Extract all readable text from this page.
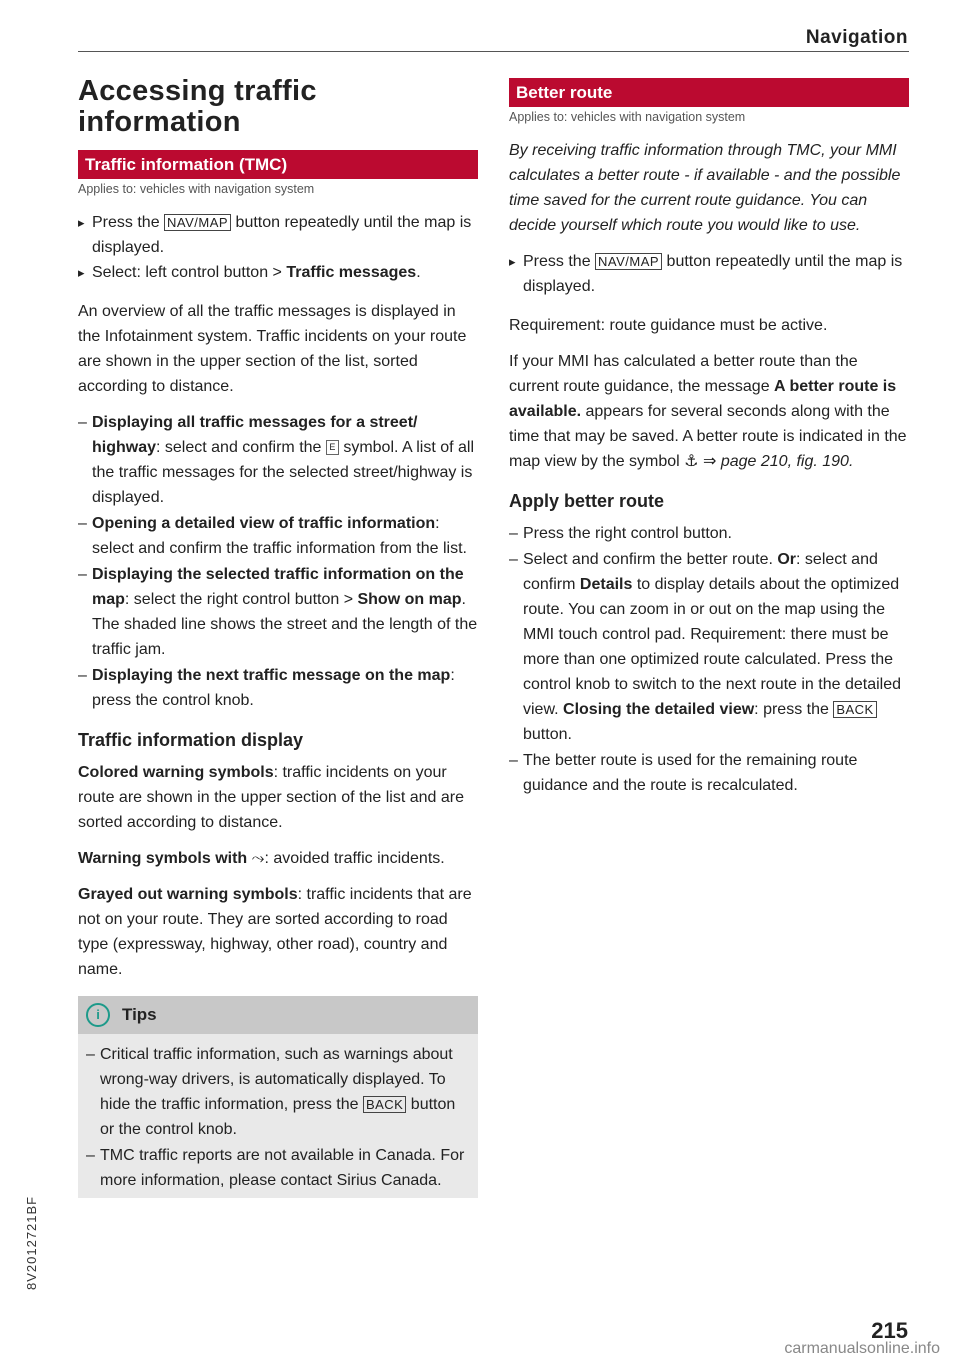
Navigation
Accessing traffic information
Traffic information (TMC)
Applies to: vehicles with navigation system
▸ Press the NAV/MAP button repeatedly until the map is displayed.
▸ Select: left control button > Traffic messages.

An overview of all the traffic messages is displayed in the Infotainment system. Traffic incidents on your route are shown in the upper section of the list, sorted according to distance.

– Displaying all traffic messages for a street/ highway: select and confirm the E symbol. A list of all the traffic messages for the selected street/highway is displayed.
– Opening a detailed view of traffic information: select and confirm the traffic information from the list.
– Displaying the selected traffic information on the map: select the right control button > Show on map. The shaded line shows the street and the length of the traffic jam.
– Displaying the next traffic message on the map: press the control knob.
Traffic information display

Colored warning symbols: traffic incidents on your route are shown in the upper section of the list and are sorted according to distance.

Warning symbols with ⤳: avoided traffic incidents.

Grayed out warning symbols: traffic incidents that are not on your route. They are sorted according to road type (expressway, highway, other road), country and name.

i	Tips
– Critical traffic information, such as warnings about wrong-way drivers, is automatically displayed. To hide the traffic information, press the BACK button or the control knob.
– TMC traffic reports are not available in Canada. For more information, please contact Sirius Canada.
Better route
Applies to: vehicles with navigation system

By receiving traffic information through TMC, your MMI calculates a better route - if available - and the possible time saved for the current route guidance. You can decide yourself which route you would like to use.

▸ Press the NAV/MAP button repeatedly until the map is displayed.

Requirement: route guidance must be active.

If your MMI has calculated a better route than the current route guidance, the message A better route is available. appears for several seconds along with the time that may be saved. A better route is indicated in the map view by the symbol ⚓ ⇒ page 210, fig. 190.

Apply better route
– Press the right control button.
– Select and confirm the better route. Or: select and confirm Details to display details about the optimized route. You can zoom in or out on the map using the MMI touch control pad. Requirement: there must be more than one optimized route calculated. Press the control knob to switch to the next route in the detailed view. Closing the detailed view: press the BACK button.
– The better route is used for the remaining route guidance and the route is recalculated.
8V2012721BF
215
carmanualsonline.info
